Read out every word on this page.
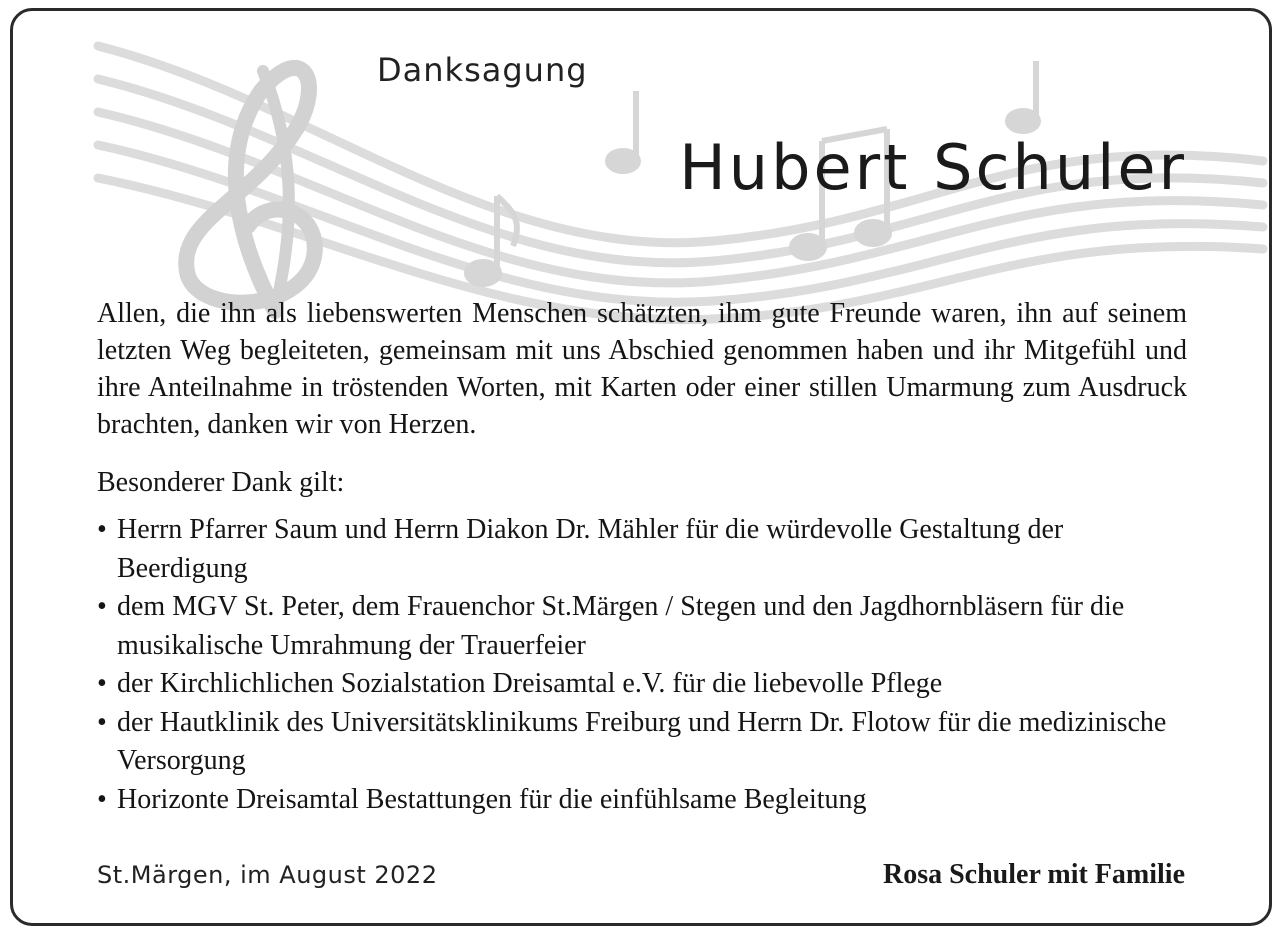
Danksagung
Hubert Schuler
Allen, die ihn als liebenswerten Menschen schätzten, ihm gute Freunde waren, ihn auf seinem letzten Weg begleiteten, gemeinsam mit uns Abschied genommen haben und ihr Mitgefühl und ihre Anteilnahme in tröstenden Worten, mit Karten oder einer stillen Umarmung zum Ausdruck brachten, danken wir von Herzen.
Besonderer Dank gilt:
• Herrn Pfarrer Saum und Herrn Diakon Dr. Mähler für die würdevolle Gestaltung der Beerdigung
• dem MGV St. Peter, dem Frauenchor St.Märgen / Stegen und den Jagdhornbläsern für die musikalische Umrahmung der Trauerfeier
• der Kirchlichlichen Sozialstation Dreisamtal e.V. für die liebevolle Pflege
• der Hautklinik des Universitätsklinikums Freiburg und Herrn Dr. Flotow für die medizinische Versorgung
• Horizonte Dreisamtal Bestattungen für die einfühlsame Begleitung
St.Märgen, im August 2022	Rosa Schuler mit Familie
